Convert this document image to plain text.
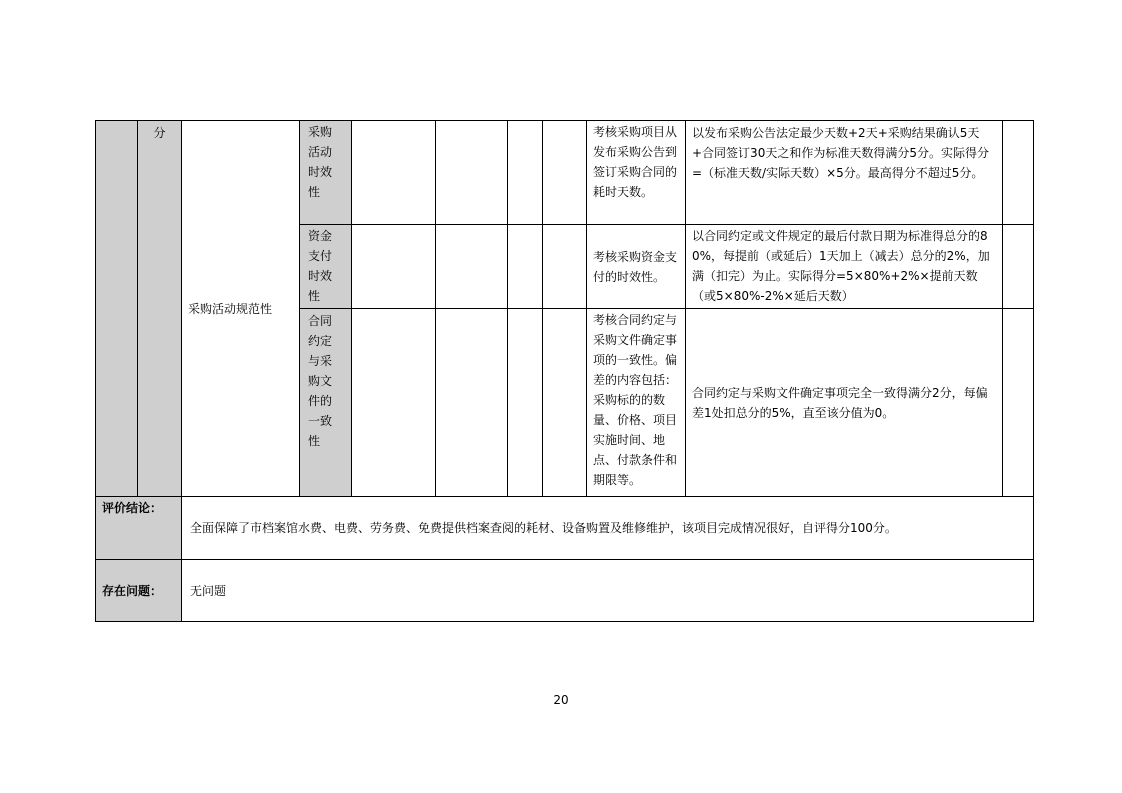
分
采购活动规范性
采购活动时效性
考核采购项目从发布采购公告到签订采购合同的耗时天数。
以发布采购公告法定最少天数+2天+采购结果确认5天+合同签订30天之和作为标准天数得满分5分。实际得分=（标准天数/实际天数）×5分。最高得分不超过5分。
资金支付时效性
考核采购资金支付的时效性。
以合同约定或文件规定的最后付款日期为标准得总分的80%，每提前（或延后）1天加上（减去）总分的2%，加满（扣完）为止。实际得分=5×80%+2%×提前天数（或5×80%-2%×延后天数）
合同约定与采购文件的一致性
考核合同约定与采购文件确定事项的一致性。偏差的内容包括：采购标的的数量、价格、项目实施时间、地点、付款条件和期限等。
合同约定与采购文件确定事项完全一致得满分2分，每偏差1处扣总分的5%，直至该分值为0。
评价结论：
全面保障了市档案馆水费、电费、劳务费、免费提供档案查阅的耗材、设备购置及维修维护，该项目完成情况很好，自评得分100分。
存在问题： 无问题
20
